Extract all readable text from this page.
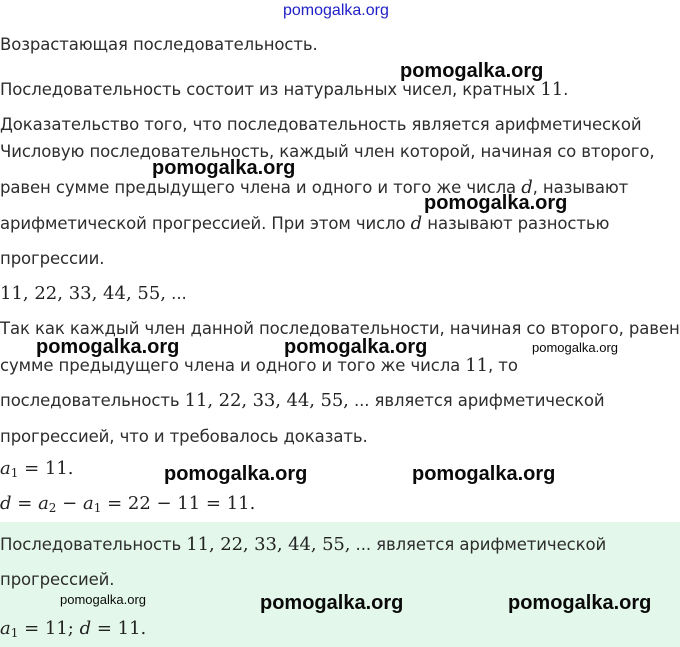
pomogalka.org
Возрастающая последовательность.
Последовательность состоит из натуральных чисел, кратных 11.
Доказательство того, что последовательность является арифметической
Числовую последовательность, каждый член которой, начиная со второго,
равен сумме предыдущего члена и одного и того же числа d, называют
арифметической прогрессией. При этом число d называют разностью
прогрессии.
11, 22, 33, 44, 55, ...
Так как каждый член данной последовательности, начиная со второго, равен
сумме предыдущего члена и одного и того же числа 11, то
последовательность 11, 22, 33, 44, 55, ... является арифметической
прогрессией, что и требовалось доказать.
$a_1 = 11$.
$d = a_2 - a_1 = 22 - 11 = 11$.
Последовательность 11, 22, 33, 44, 55, ... является арифметической
прогрессией.
$a_1 = 11$; d = 11.
pomogalka.org
pomogalka.org
pomogalka.org
pomogalka.org	pomogalka.org	pomogalka.org
pomogalka.org	pomogalka.org
pomogalka.org	pomogalka.org	pomogalka.org
